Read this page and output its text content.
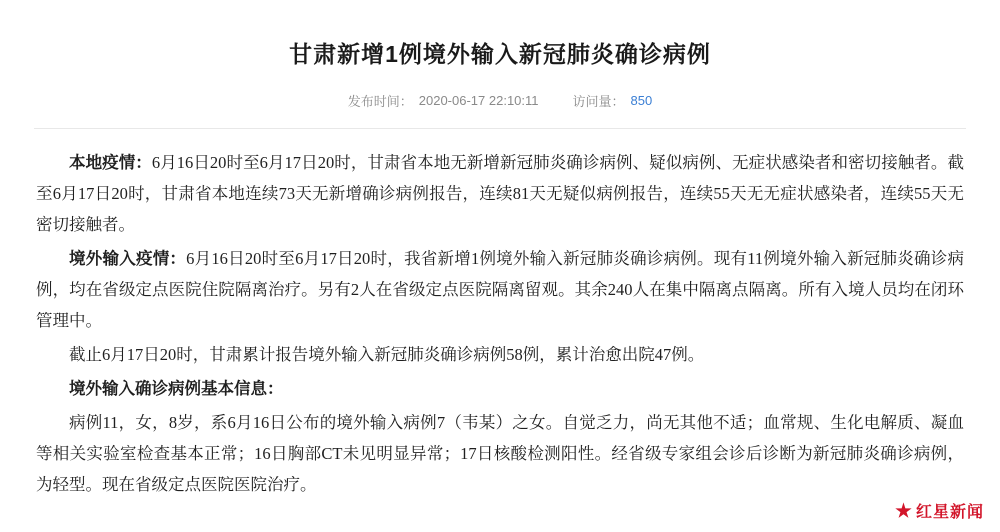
甘肃新增1例境外输入新冠肺炎确诊病例
发布时间： 2020-06-17 22:10:11	访问量： 850

本地疫情：6月16日20时至6月17日20时，甘肃省本地无新增新冠肺炎确诊病例、疑似病例、无症状感染者和密切接触者。截至6月17日20时，甘肃省本地连续73天无新增确诊病例报告，连续81天无疑似病例报告，连续55天无无症状感染者，连续55天无密切接触者。

境外输入疫情：6月16日20时至6月17日20时，我省新增1例境外输入新冠肺炎确诊病例。现有11例境外输入新冠肺炎确诊病例，均在省级定点医院住院隔离治疗。另有2人在省级定点医院隔离留观。其余240人在集中隔离点隔离。所有入境人员均在闭环管理中。

截止6月17日20时，甘肃累计报告境外输入新冠肺炎确诊病例58例，累计治愈出院47例。

境外输入确诊病例基本信息：

病例11，女，8岁，系6月16日公布的境外输入病例7（韦某）之女。自觉乏力，尚无其他不适；血常规、生化电解质、凝血等相关实验室检查基本正常；16日胸部CT未见明显异常；17日核酸检测阳性。经省级专家组会诊后诊断为新冠肺炎确诊病例，为轻型。现在省级定点医院医院治疗。

红星新闻
